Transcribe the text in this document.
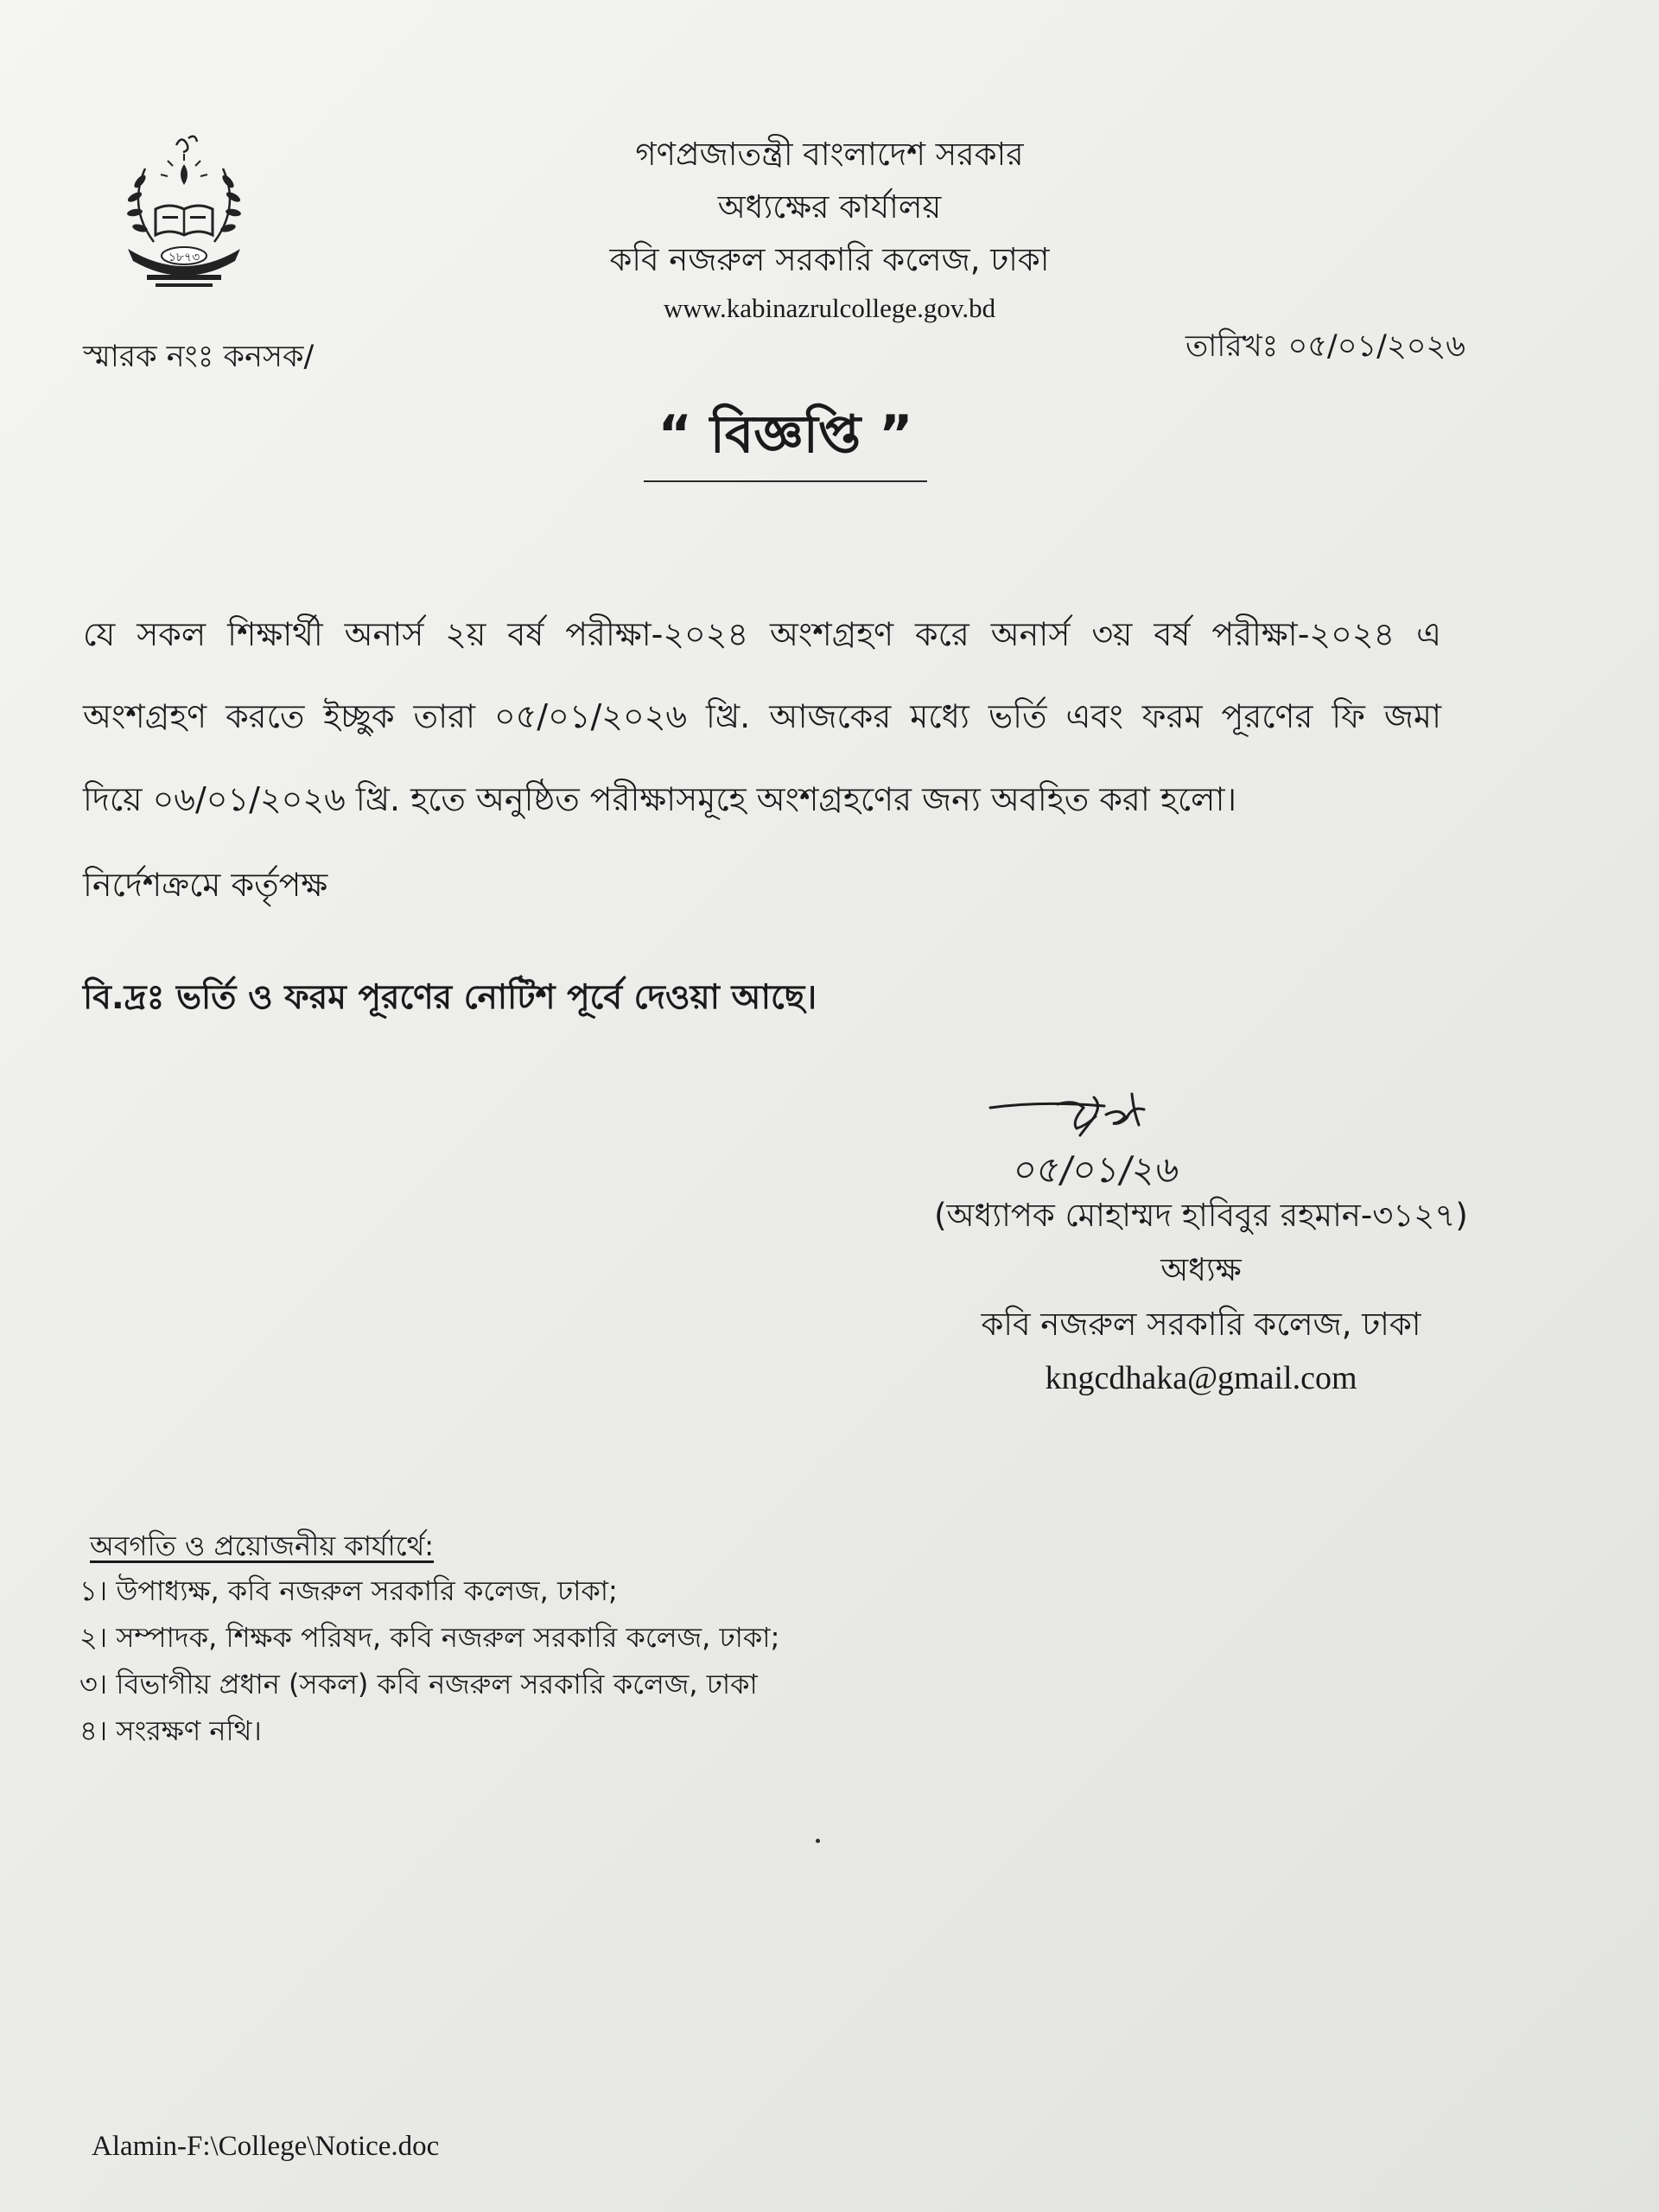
১৮৭৩
গণপ্রজাতন্ত্রী বাংলাদেশ সরকার
অধ্যক্ষের কার্যালয়
কবি নজরুল সরকারি কলেজ, ঢাকা
www.kabinazrulcollege.gov.bd
স্মারক নংঃ কনসক/	তারিখঃ ০৫/০১/২০২৬
“ বিজ্ঞপ্তি ”

যে সকল শিক্ষার্থী অনার্স ২য় বর্ষ পরীক্ষা-২০২৪ অংশগ্রহণ করে অনার্স ৩য় বর্ষ পরীক্ষা-২০২৪ এ

অংশগ্রহণ করতে ইচ্ছুক তারা ০৫/০১/২০২৬ খ্রি. আজকের মধ্যে ভর্তি এবং ফরম পূরণের ফি জমা

দিয়ে ০৬/০১/২০২৬ খ্রি. হতে অনুষ্ঠিত পরীক্ষাসমূহে অংশগ্রহণের জন্য অবহিত করা হলো।

নির্দেশক্রমে কর্তৃপক্ষ

বি.দ্রঃ ভর্তি ও ফরম পূরণের নোটিশ পূর্বে দেওয়া আছে।

০৫/০১/২৬
(অধ্যাপক মোহাম্মদ হাবিবুর রহমান-৩১২৭)
অধ্যক্ষ
কবি নজরুল সরকারি কলেজ, ঢাকা
kngcdhaka@gmail.com
অবগতি ও প্রয়োজনীয় কার্যার্থে:
১। উপাধ্যক্ষ, কবি নজরুল সরকারি কলেজ, ঢাকা;
২। সম্পাদক, শিক্ষক পরিষদ, কবি নজরুল সরকারি কলেজ, ঢাকা;
৩। বিভাগীয় প্রধান (সকল) কবি নজরুল সরকারি কলেজ, ঢাকা
৪। সংরক্ষণ নথি।
Alamin-F:\College\Notice.doc
